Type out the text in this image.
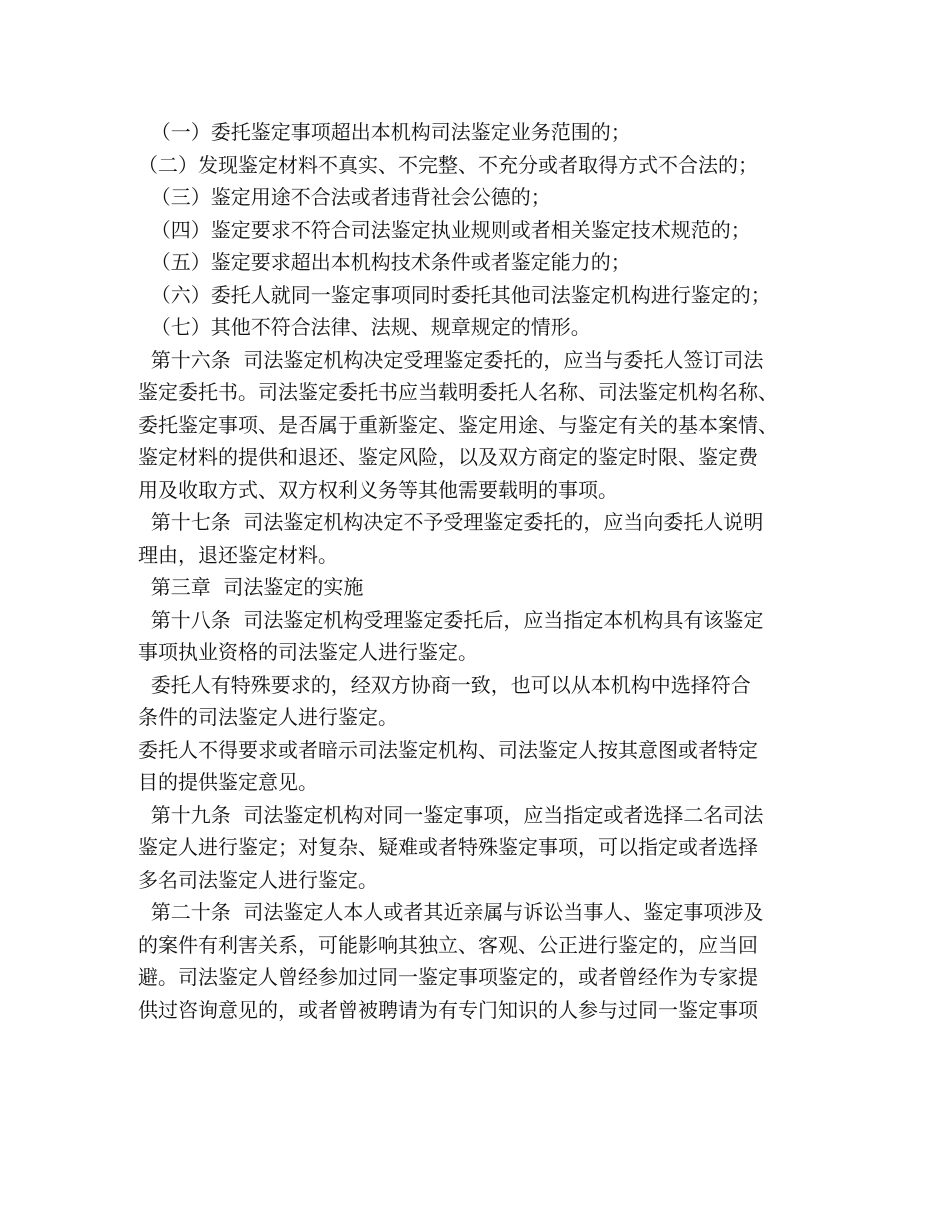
（一）委托鉴定事项超出本机构司法鉴定业务范围的；
（二）发现鉴定材料不真实、不完整、不充分或者取得方式不合法的；
（三）鉴定用途不合法或者违背社会公德的；
（四）鉴定要求不符合司法鉴定执业规则或者相关鉴定技术规范的；
（五）鉴定要求超出本机构技术条件或者鉴定能力的；
（六）委托人就同一鉴定事项同时委托其他司法鉴定机构进行鉴定的；
（七）其他不符合法律、法规、规章规定的情形。
第十六条  司法鉴定机构决定受理鉴定委托的，应当与委托人签订司法
鉴定委托书。司法鉴定委托书应当载明委托人名称、司法鉴定机构名称、
委托鉴定事项、是否属于重新鉴定、鉴定用途、与鉴定有关的基本案情、
鉴定材料的提供和退还、鉴定风险，以及双方商定的鉴定时限、鉴定费
用及收取方式、双方权利义务等其他需要载明的事项。
第十七条  司法鉴定机构决定不予受理鉴定委托的，应当向委托人说明
理由，退还鉴定材料。
第三章  司法鉴定的实施
第十八条  司法鉴定机构受理鉴定委托后，应当指定本机构具有该鉴定
事项执业资格的司法鉴定人进行鉴定。
委托人有特殊要求的，经双方协商一致，也可以从本机构中选择符合
条件的司法鉴定人进行鉴定。
委托人不得要求或者暗示司法鉴定机构、司法鉴定人按其意图或者特定
目的提供鉴定意见。
第十九条  司法鉴定机构对同一鉴定事项，应当指定或者选择二名司法
鉴定人进行鉴定；对复杂、疑难或者特殊鉴定事项，可以指定或者选择
多名司法鉴定人进行鉴定。
第二十条  司法鉴定人本人或者其近亲属与诉讼当事人、鉴定事项涉及
的案件有利害关系，可能影响其独立、客观、公正进行鉴定的，应当回
避。司法鉴定人曾经参加过同一鉴定事项鉴定的，或者曾经作为专家提
供过咨询意见的，或者曾被聘请为有专门知识的人参与过同一鉴定事项
